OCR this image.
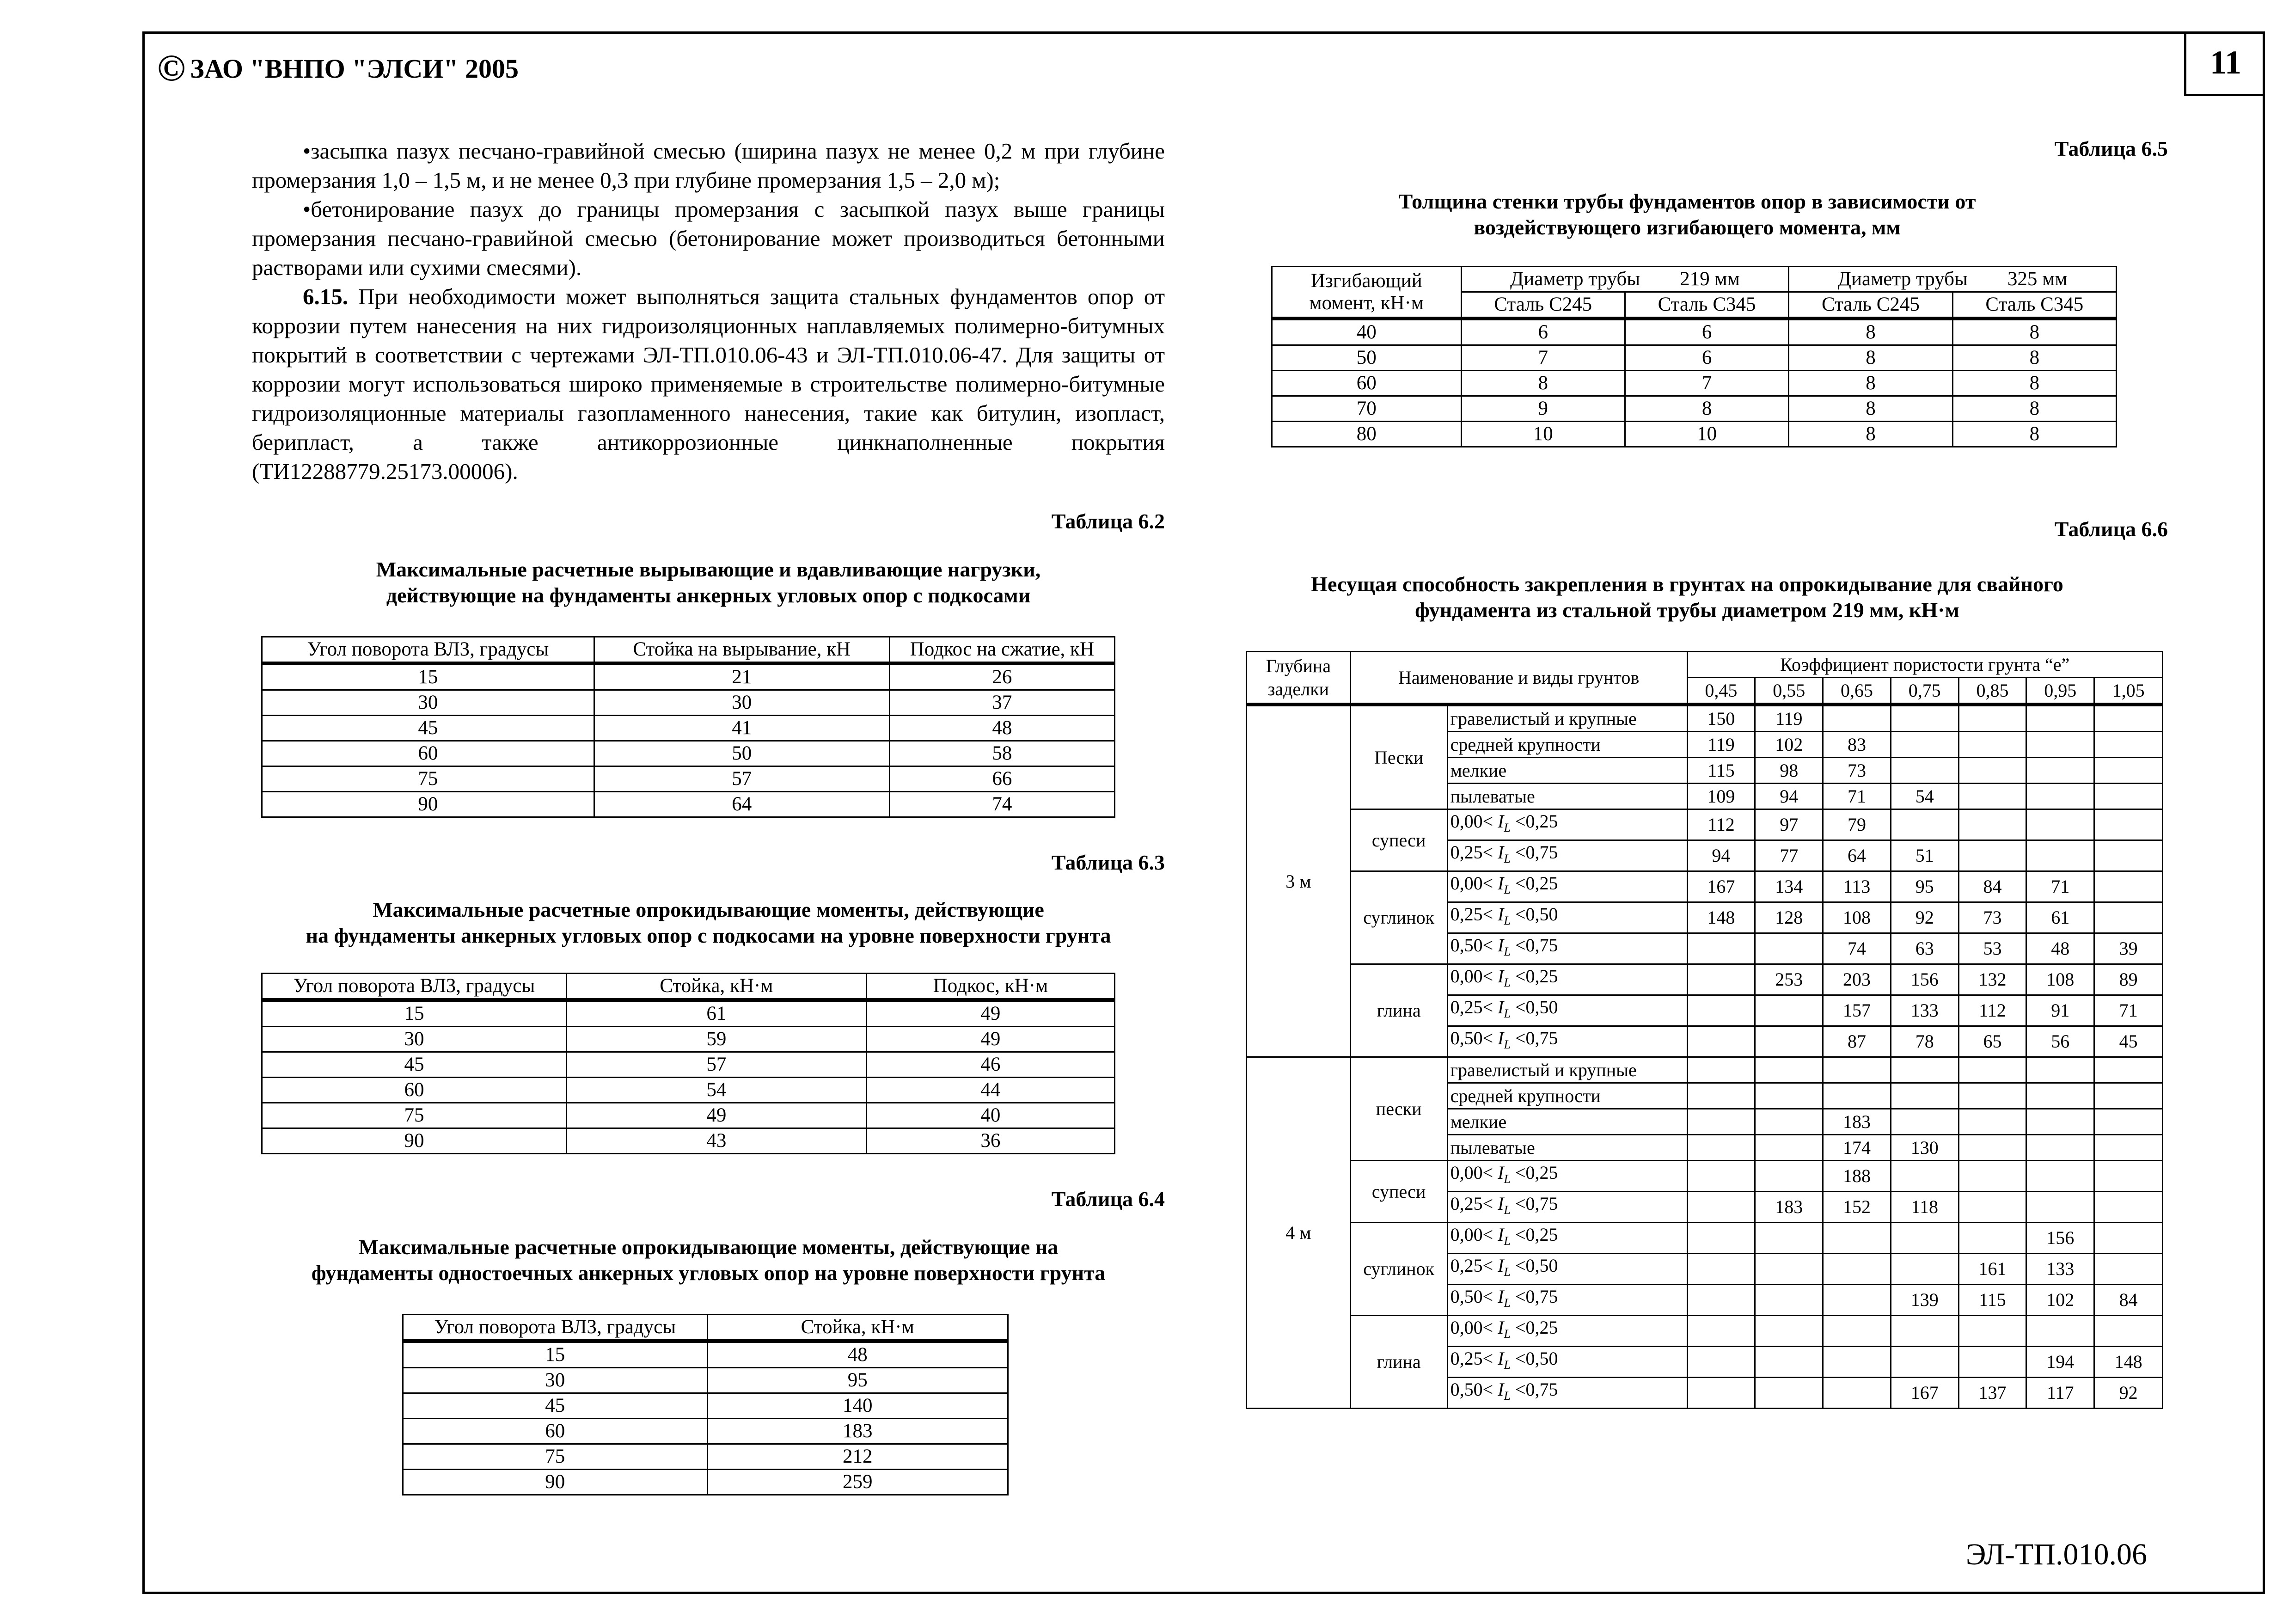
© ЗАО "ВНПО "ЭЛСИ" 2005	11
ЭЛ-ТП.010.06

•засыпка пазух песчано-гравийной смесью (ширина пазух не менее 0,2 м при глубине промерзания 1,0 – 1,5 м, и не менее 0,3 при глубине промерзания 1,5 – 2,0 м);

•бетонирование пазух до границы промерзания с засыпкой пазух выше границы промерзания песчано-гравийной смесью (бетонирование может производиться бетонными растворами или сухими смесями).

6.15. При необходимости может выполняться защита стальных фундаментов опор от коррозии путем нанесения на них гидроизоляционных наплавляемых полимерно-битумных покрытий в соответствии с чертежами ЭЛ-ТП.010.06-43 и ЭЛ-ТП.010.06-47. Для защиты от коррозии могут использоваться широко применяемые в строительстве полимерно-битумные гидроизоляционные материалы газопламенного нанесения, такие как битулин, изопласт, берипласт, а также антикоррозионные цинкнаполненные покрытия (ТИ12288779.25173.00006).

Таблица 6.2
Максимальные расчетные вырывающие и вдавливающие нагрузки,
действующие на фундаменты анкерных угловых опор с подкосами
Угол поворота ВЛЗ, градусы	Стойка на вырывание, кН	Подкос на сжатие, кН
15	21	26
30	30	37
45	41	48
60	50	58
75	57	66
90	64	74
Таблица 6.3
Максимальные расчетные опрокидывающие моменты, действующие
на фундаменты анкерных угловых опор с подкосами на уровне поверхности грунта
Угол поворота ВЛЗ, градусы	Стойка, кН·м	Подкос, кН·м
15	61	49
30	59	49
45	57	46
60	54	44
75	49	40
90	43	36
Таблица 6.4
Максимальные расчетные опрокидывающие моменты, действующие на
фундаменты одностоечных анкерных угловых опор на уровне поверхности грунта
Угол поворота ВЛЗ, градусы	Стойка, кН·м
15	48
30	95
45	140
60	183
75	212
90	259
Таблица 6.5
Толщина стенки трубы фундаментов опор в зависимости от
воздействующего изгибающего момента, мм
Изгибающий
момент, кН·м	Диаметр трубы 219 мм		Диаметр трубы 325 мм	
	Сталь С245	Сталь С345	Сталь С245	Сталь С345
40	6	6	8	8
50	7	6	8	8
60	8	7	8	8
70	9	8	8	8
80	10	10	8	8
Таблица 6.6
Несущая способность закрепления в грунтах на опрокидывание для свайного
фундамента из стальной трубы диаметром 219 мм, кН·м
Глубина
заделки	Наименование и виды грунтов		Коэффициент пористости грунта “е”						
			0,45	0,55	0,65	0,75	0,85	0,95	1,05
3 м	Пески	гравелистый и крупные	150	119					
		средней крупности	119	102	83				
		мелкие	115	98	73				
		пылеватые	109	94	71	54			
	супеси	$0,00< I_L <0,25$	112	97	79				
		$0,25< I_L <0,75$	94	77	64	51			
	суглинок	$0,00< I_L <0,25$	167	134	113	95	84	71	
		$0,25< I_L <0,50$	148	128	108	92	73	61	
		$0,50< I_L <0,75$			74	63	53	48	39
	глина	$0,00< I_L <0,25$		253	203	156	132	108	89
		$0,25< I_L <0,50$			157	133	112	91	71
		$0,50< I_L <0,75$			87	78	65	56	45
4 м	пески	гравелистый и крупные							
		средней крупности							
		мелкие			183				
		пылеватые			174	130			
	супеси	$0,00< I_L <0,25$			188				
		$0,25< I_L <0,75$		183	152	118			
	суглинок	$0,00< I_L <0,25$						156	
		$0,25< I_L <0,50$					161	133	
		$0,50< I_L <0,75$				139	115	102	84
	глина	$0,00< I_L <0,25$							
		$0,25< I_L <0,50$						194	148
		$0,50< I_L <0,75$				167	137	117	92
